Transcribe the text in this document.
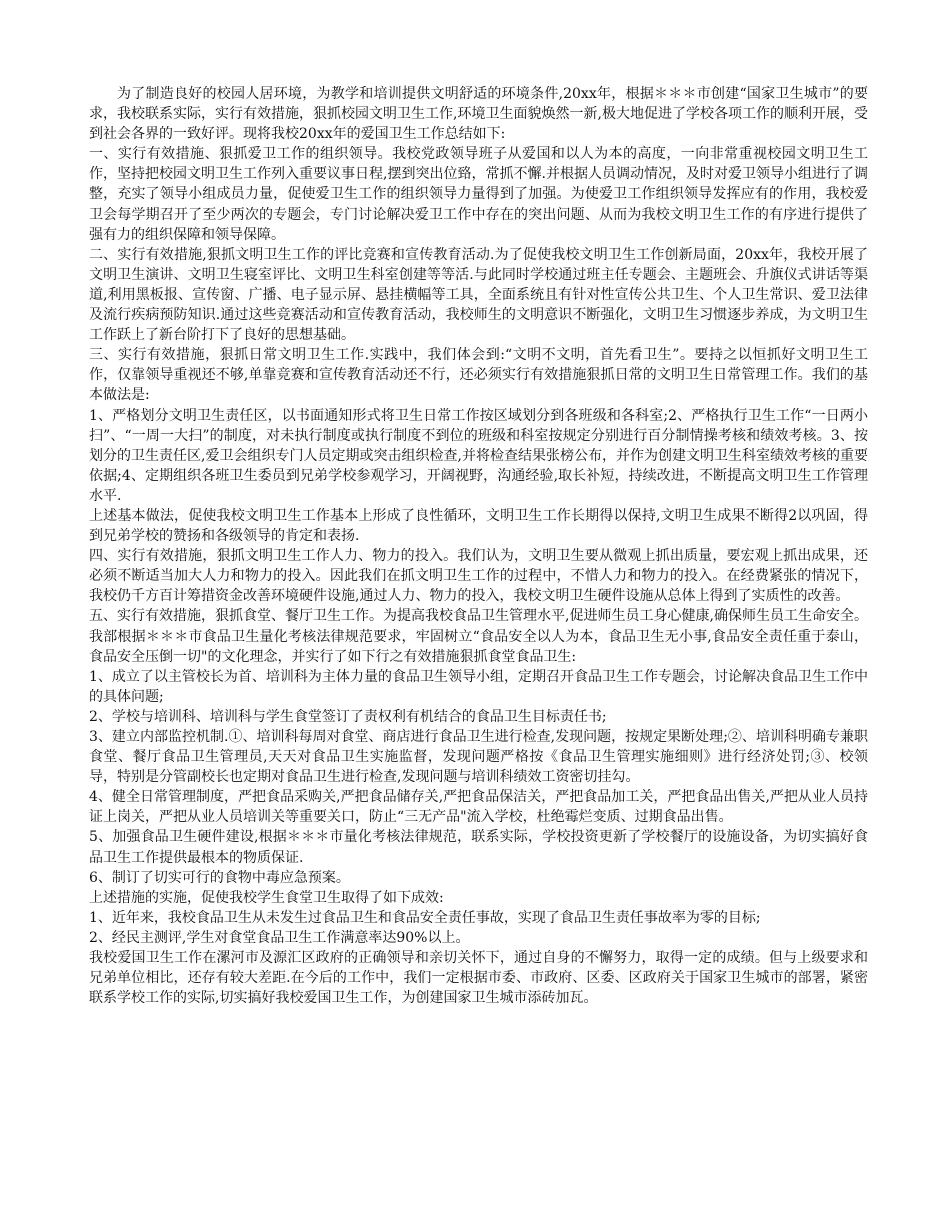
为了制造良好的校园人居环境，为教学和培训提供文明舒适的环境条件,20xx年，根据＊＊＊市创建“国家卫生城市”的要求，我校联系实际，实行有效措施，狠抓校园文明卫生工作,环境卫生面貌焕然一新,极大地促进了学校各项工作的顺利开展，受到社会各界的一致好评。现将我校20xx年的爱国卫生工作总结如下:

一、实行有效措施、狠抓爱卫工作的组织领导。我校党政领导班子从爱国和以人为本的高度，一向非常重视校园文明卫生工作，坚持把校园文明卫生工作列入重要议事日程,摆到突出位臵，常抓不懈.并根据人员调动情况，及时对爱卫领导小组进行了调整，充实了领导小组成员力量，促使爱卫生工作的组织领导力量得到了加强。为使爱卫工作组织领导发挥应有的作用，我校爱卫会每学期召开了至少两次的专题会，专门讨论解决爱卫工作中存在的突出问题、从而为我校文明卫生工作的有序进行提供了强有力的组织保障和领导保障。

二、实行有效措施,狠抓文明卫生工作的评比竞赛和宣传教育活动.为了促使我校文明卫生工作创新局面，20xx年，我校开展了文明卫生演讲、文明卫生寝室评比、文明卫生科室创建等等活.与此同时学校通过班主任专题会、主题班会、升旗仪式讲话等渠道,利用黑板报、宣传窗、广播、电子显示屏、悬挂横幅等工具，全面系统且有针对性宣传公共卫生、个人卫生常识、爱卫法律及流行疾病预防知识.通过这些竞赛活动和宣传教育活动，我校师生的文明意识不断强化，文明卫生习惯逐步养成，为文明卫生工作跃上了新台阶打下了良好的思想基础。

三、实行有效措施，狠抓日常文明卫生工作.实践中，我们体会到:“文明不文明，首先看卫生”。要持之以恒抓好文明卫生工作，仅靠领导重视还不够,单靠竞赛和宣传教育活动还不行，还必须实行有效措施狠抓日常的文明卫生日常管理工作。我们的基本做法是:

1、严格划分文明卫生责任区，以书面通知形式将卫生日常工作按区域划分到各班级和各科室;2、严格执行卫生工作“一日两小扫”、“一周一大扫”的制度，对未执行制度或执行制度不到位的班级和科室按规定分别进行百分制情操考核和绩效考核。3、按划分的卫生责任区,爱卫会组织专门人员定期或突击组织检查,并将检查结果张榜公布，并作为创建文明卫生科室绩效考核的重要依据;4、定期组织各班卫生委员到兄弟学校参观学习，开阔视野，沟通经验,取长补短，持续改进，不断提高文明卫生工作管理水平.

上述基本做法，促使我校文明卫生工作基本上形成了良性循环，文明卫生工作长期得以保持,文明卫生成果不断得2以巩固，得到兄弟学校的赞扬和各级领导的肯定和表扬.

四、实行有效措施，狠抓文明卫生工作人力、物力的投入。我们认为，文明卫生要从微观上抓出质量，要宏观上抓出成果，还必须不断适当加大人力和物力的投入。因此我们在抓文明卫生工作的过程中，不惜人力和物力的投入。在经费紧张的情况下，我校仍千方百计筹措资金改善环境硬件设施,通过人力、物力的投入，我校文明卫生硬件设施从总体上得到了实质性的改善。

五、实行有效措施，狠抓食堂、餐厅卫生工作。为提高我校食品卫生管理水平,促进师生员工身心健康,确保师生员工生命安全。我部根据＊＊＊市食品卫生量化考核法律规范要求，牢固树立“食品安全以人为本，食品卫生无小事,食品安全责任重于泰山，食品安全压倒一切"的文化理念，并实行了如下行之有效措施狠抓食堂食品卫生:

1、成立了以主管校长为首、培训科为主体力量的食品卫生领导小组，定期召开食品卫生工作专题会，讨论解决食品卫生工作中的具体问题;

2、学校与培训科、培训科与学生食堂签订了责权利有机结合的食品卫生目标责任书;

3、建立内部监控机制.①、培训科每周对食堂、商店进行食品卫生进行检查,发现问题，按规定果断处理;②、培训科明确专兼职食堂、餐厅食品卫生管理员,天天对食品卫生实施监督，发现问题严格按《食品卫生管理实施细则》进行经济处罚;③、校领导，特别是分管副校长也定期对食品卫生进行检查,发现问题与培训科绩效工资密切挂勾。

4、健全日常管理制度，严把食品采购关,严把食品储存关,严把食品保洁关，严把食品加工关，严把食品出售关,严把从业人员持证上岗关，严把从业人员培训关等重要关口，防止“三无产品"流入学校，杜绝霉烂变质、过期食品出售。

5、加强食品卫生硬件建设,根据＊＊＊市量化考核法律规范，联系实际，学校投资更新了学校餐厅的设施设备，为切实搞好食品卫生工作提供最根本的物质保证.

6、制订了切实可行的食物中毒应急预案。

上述措施的实施，促使我校学生食堂卫生取得了如下成效:

1、近年来，我校食品卫生从未发生过食品卫生和食品安全责任事故，实现了食品卫生责任事故率为零的目标;

2、经民主测评,学生对食堂食品卫生工作满意率达90%以上。

我校爱国卫生工作在漯河市及源汇区政府的正确领导和亲切关怀下，通过自身的不懈努力，取得一定的成绩。但与上级要求和兄弟单位相比，还存有较大差距.在今后的工作中，我们一定根据市委、市政府、区委、区政府关于国家卫生城市的部署，紧密联系学校工作的实际,切实搞好我校爱国卫生工作，为创建国家卫生城市添砖加瓦。
